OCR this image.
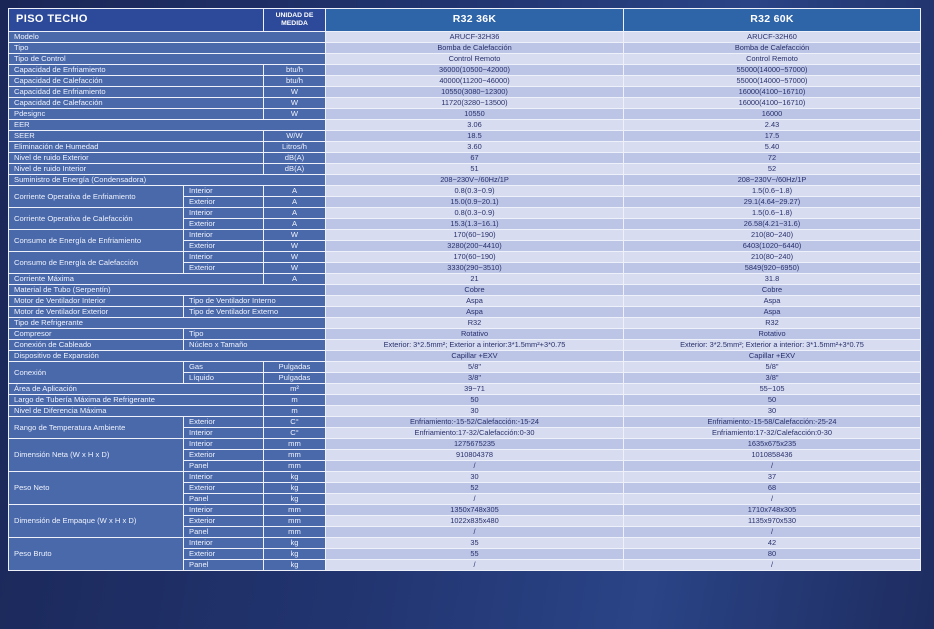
PISO TECHO		UNIDAD DE MEDIDA	R32 36K	R32 60K
Modelo			ARUCF-32H36	ARUCF-32H60
Tipo			Bomba de Calefacción	Bomba de Calefacción
Tipo de Control			Control Remoto	Control Remoto
Capacidad de Enfriamiento		btu/h	36000(10500~42000)	55000(14000~57000)
Capacidad de Calefacción		btu/h	40000(11200~46000)	55000(14000~57000)
Capacidad de Enfriamiento		W	10550(3080~12300)	16000(4100~16710)
Capacidad de Calefacción		W	11720(3280~13500)	16000(4100~16710)
Pdesignc		W	10550	16000
EER			3.06	2.43
SEER		W/W	18.5	17.5
Eliminación de Humedad		Litros/h	3.60	5.40
Nivel de ruido Exterior		dB(A)	67	72
Nivel de ruido Interior		dB(A)	51	52
Suministro de Energía (Condensadora)			208~230V~/60Hz/1P	208~230V~/60Hz/1P
Corriente Operativa de Enfriamiento	Interior	A	0.8(0.3~0.9)	1.5(0.6~1.8)
	Exterior	A	15.0(0.9~20.1)	29.1(4.64~29.27)
Corriente Operativa de Calefacción	Interior	A	0.8(0.3~0.9)	1.5(0.6~1.8)
	Exterior	A	15.3(1.3~16.1)	26.58(4.21~31.6)
Consumo de Energía de Enfriamiento	Interior	W	170(60~190)	210(80~240)
	Exterior	W	3280(200~4410)	6403(1020~6440)
Consumo de Energía de Calefacción	Interior	W	170(60~190)	210(80~240)
	Exterior	W	3330(290~3510)	5849(920~6950)
Corriente Máxima		A	21	31.8
Material de Tubo (Serpentín)			Cobre	Cobre
Motor de Ventilador Interior	Tipo de Ventilador Interno		Aspa	Aspa
Motor de Ventilador Exterior	Tipo de Ventilador Externo		Aspa	Aspa
Tipo de Refrigerante			R32	R32
Compresor	Tipo		Rotativo	Rotativo
Conexión de Cableado	Núcleo x Tamaño		Exterior: 3*2.5mm²; Exterior a interior:3*1.5mm²+3*0.75	Exterior: 3*2.5mm²; Exterior a interior: 3*1.5mm²+3*0.75
Dispositivo de Expansión			Capillar +EXV	Capillar +EXV
Conexión	Gas	Pulgadas	5/8"	5/8"
	Líquido	Pulgadas	3/8"	3/8"
Área de Aplicación		m²	39~71	55~105
Largo de Tubería Máxima de Refrigerante		m	50	50
Nivel de Diferencia Máxima		m	30	30
Rango de Temperatura Ambiente	Exterior	C°	Enfriamiento:-15-52/Calefacción:-15-24	Enfriamiento:-15-58/Calefacción:-25-24
	Interior	C°	Enfriamiento:17-32/Calefacción:0-30	Enfriamiento:17-32/Calefacción:0-30
Dimensión Neta (W x H x D)	Interior	mm	1275675235	1635x675x235
	Exterior	mm	910804378	1010858436
	Panel	mm	/	/
Peso Neto	Interior	kg	30	37
	Exterior	kg	52	68
	Panel	kg	/	/
Dimensión de Empaque (W x H x D)	Interior	mm	1350x748x305	1710x748x305
	Exterior	mm	1022x835x480	1135x970x530
	Panel	mm	/	/
Peso Bruto	Interior	kg	35	42
	Exterior	kg	55	80
	Panel	kg	/	/
